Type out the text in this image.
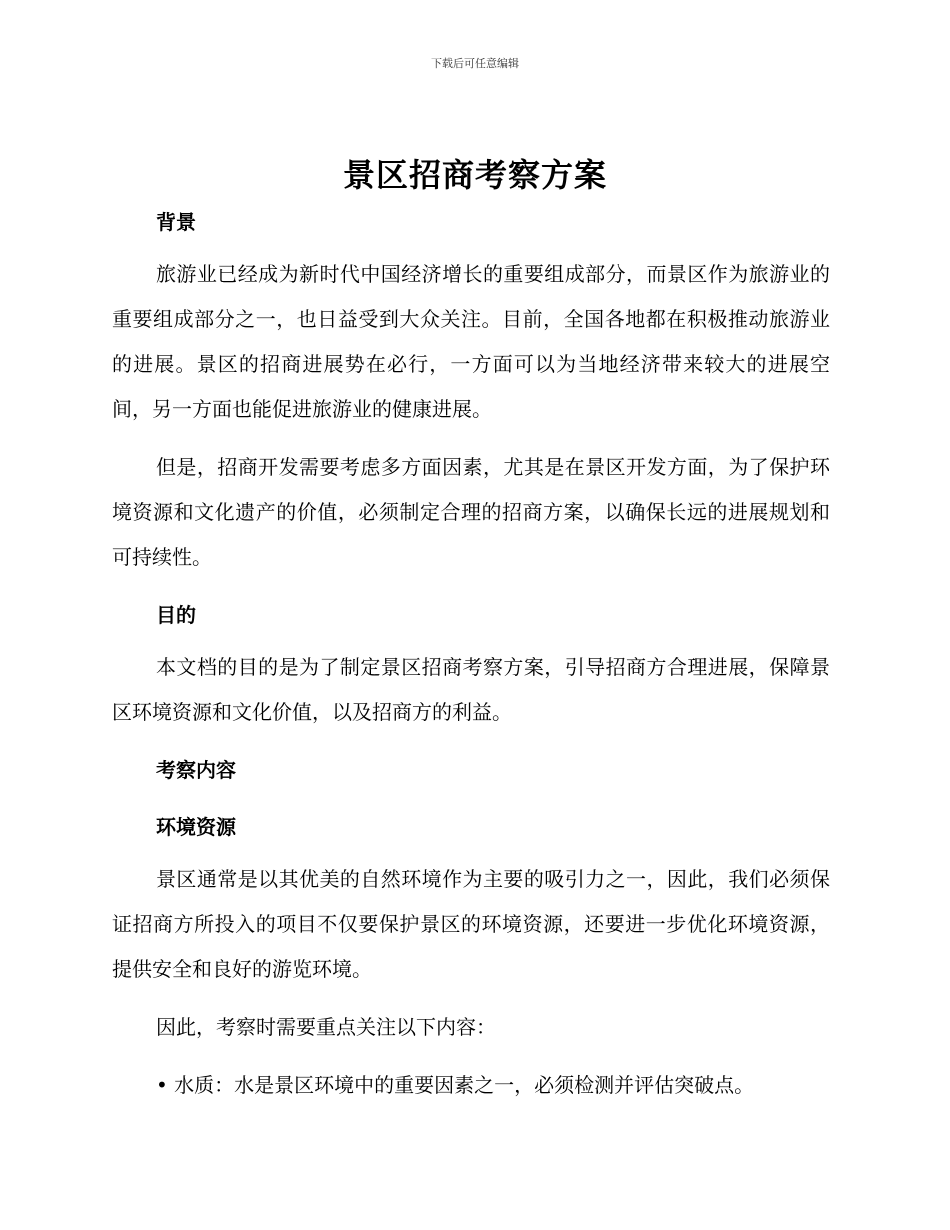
下载后可任意编辑
景区招商考察方案

背景

旅游业已经成为新时代中国经济增长的重要组成部分，而景区作为旅游业的重要组成部分之一，也日益受到大众关注。目前，全国各地都在积极推动旅游业的进展。景区的招商进展势在必行，一方面可以为当地经济带来较大的进展空间，另一方面也能促进旅游业的健康进展。

但是，招商开发需要考虑多方面因素，尤其是在景区开发方面，为了保护环境资源和文化遗产的价值，必须制定合理的招商方案，以确保长远的进展规划和可持续性。

目的

本文档的目的是为了制定景区招商考察方案，引导招商方合理进展，保障景区环境资源和文化价值，以及招商方的利益。

考察内容

环境资源

景区通常是以其优美的自然环境作为主要的吸引力之一，因此，我们必须保证招商方所投入的项目不仅要保护景区的环境资源，还要进一步优化环境资源，提供安全和良好的游览环境。

因此，考察时需要重点关注以下内容：

• 水质：水是景区环境中的重要因素之一，必须检测并评估突破点。
